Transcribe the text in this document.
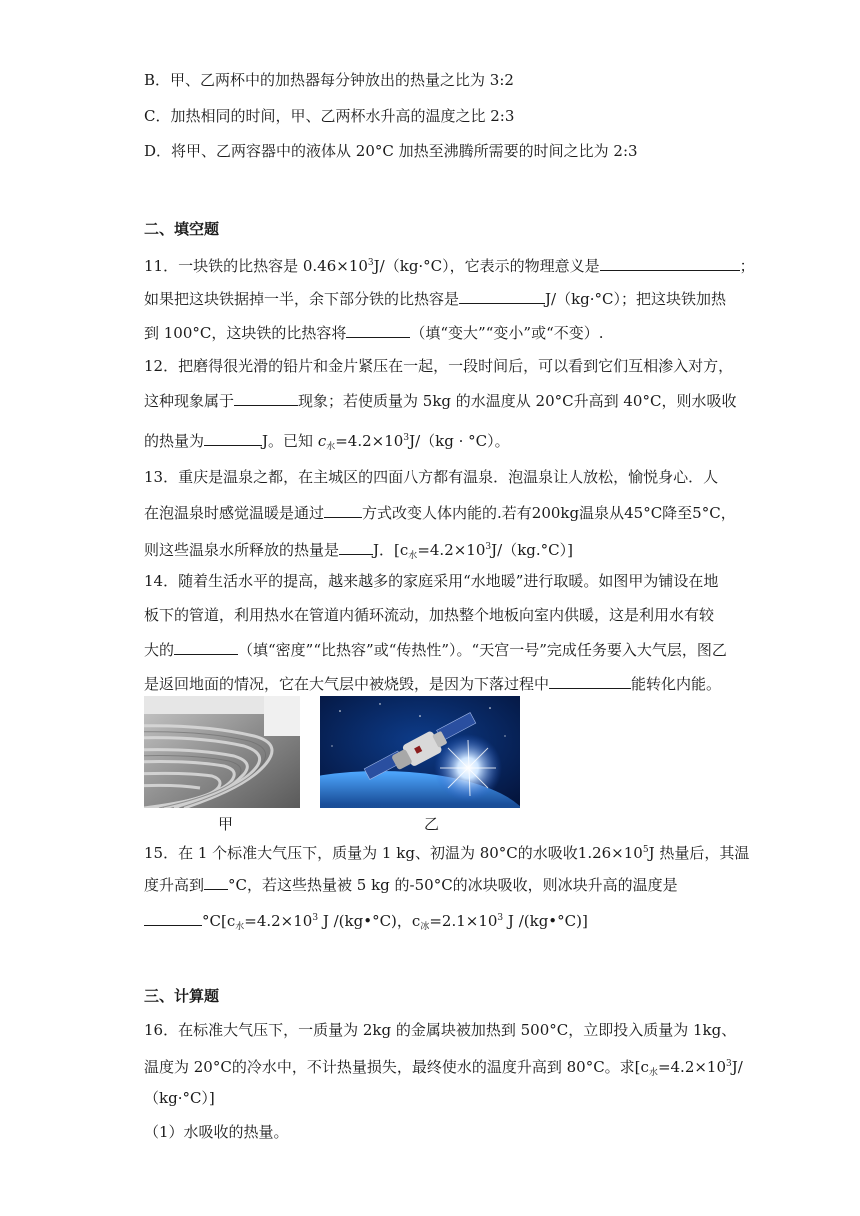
B．甲、乙两杯中的加热器每分钟放出的热量之比为 3:2
C．加热相同的时间，甲、乙两杯水升高的温度之比 2:3
D．将甲、乙两容器中的液体从 20°C 加热至沸腾所需要的时间之比为 2:3
二、填空题
11．一块铁的比热容是 $0.46\times 10^3J/(kg\cdot^\circ C)$，它表示的物理意义是	；
如果把这块铁据掉一半，余下部分铁的比热容是	J/（kg·°C）；把这块铁加热
到 100°C，这块铁的比热容将	（填“变大”“变小”或“不变）.
12．把磨得很光滑的铅片和金片紧压在一起，一段时间后，可以看到它们互相渗入对方，
这种现象属于	现象；若使质量为 5kg 的水温度从 20°C升高到 40°C，则水吸收
的热量为	J。已知 $c_水=4.2\times 10^3J/(kg \cdot ^\circ C)$。
13．重庆是温泉之都，在主城区的四面八方都有温泉．泡温泉让人放松，愉悦身心．人
在泡温泉时感觉温暖是通过	方式改变人体内能的.若有200kg温泉从45°C降至5°C，
则这些温泉水所释放的热量是 J．$[c_水=4.2\times 10^3J/(kg.^\circ C)]$
14．随着生活水平的提高，越来越多的家庭采用“水地暖”进行取暖。如图甲为铺设在地
板下的管道，利用热水在管道内循环流动，加热整个地板向室内供暖，这是利用水有较
大的	（填“密度”“比热容”或“传热性”）。“天宫一号”完成任务要入大气层，图乙
是返回地面的情况，它在大气层中被烧毁，是因为下落过程中	能转化内能。
甲	乙
15．在 1 个标准大气压下，质量为 1 kg、初温为 80°C的水吸收$1.26\times 10^5J$ 热量后，其温
度升高到 °C，若这些热量被 5 kg 的-50°C的冰块吸收，则冰块升高的温度是
$^\circ C[c_水=4.2\times 10^3$ J /(kg•°C)，$c_冰=2.1\times 10^3$ J /(kg•°C)]
三、计算题
16．在标准大气压下，一质量为 2kg 的金属块被加热到 500°C，立即投入质量为 1kg、
温度为 20°C的冷水中，不计热量损失，最终使水的温度升高到 80°C。求[$c_水=4.2\times 10^3J/$
（kg·°C）]
（1）水吸收的热量。
